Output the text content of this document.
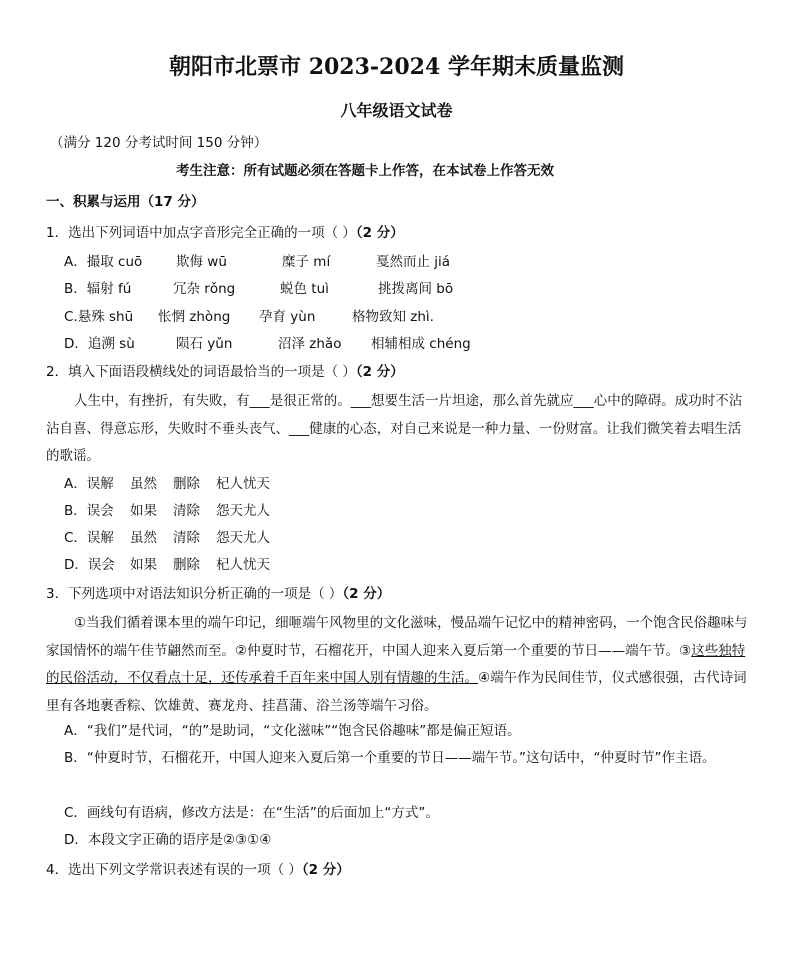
朝阳市北票市 2023-2024 学年期末质量监测
八年级语文试卷
（满分 120 分考试时间 150 分钟）
考生注意：所有试题必须在答题卡上作答，在本试卷上作答无效
一、积累与运用（17 分）
1．选出下列词语中加点字音形完全正确的一项（ ）（2 分）
A．撮取 cuō 欺侮 wū	糜子 mí	戛然而止 jiá
B．辐射 fú	冗杂 rǒng	蜕色 tuì	挑拨离间 bō
C.悬殊 shū 怅惘 zhòng 孕育 yùn	格物致知 zhì.
D．追溯 sù	陨石 yǔn	沼泽 zhǎo 相辅相成 chéng
2．填入下面语段横线处的词语最恰当的一项是（ ）（2 分）
人生中，有挫折，有失败，有___是很正常的。___想要生活一片坦途，那么首先就应___心中的障碍。成功时不沾沾自喜、得意忘形，失败时不垂头丧气、___健康的心态，对自己来说是一种力量、一份财富。让我们微笑着去唱生活的歌谣。
A．误解 虽然 删除 杞人忧天
B．误会 如果 清除 怨天尤人
C．误解 虽然 清除 怨天尤人
D．误会 如果 删除 杞人忧天
3．下列选项中对语法知识分析正确的一项是（ ）（2 分）
①当我们循着课本里的端午印记，细咂端午风物里的文化滋味，慢品端午记忆中的精神密码，一个饱含民俗趣味与家国情怀的端午佳节翩然而至。②仲夏时节，石榴花开，中国人迎来入夏后第一个重要的节日——端午节。③这些独特的民俗活动，不仅看点十足，还传承着千百年来中国人别有情趣的生活。④端午作为民间佳节，仪式感很强，古代诗词里有各地裹香粽、饮雄黄、赛龙舟、挂菖蒲、浴兰汤等端午习俗。
A．“我们”是代词，“的”是助词，“文化滋味”“饱含民俗趣味”都是偏正短语。
B．“仲夏时节，石榴花开，中国人迎来入夏后第一个重要的节日——端午节。”这句话中，“仲夏时节”作主语。
C．画线句有语病，修改方法是：在“生活”的后面加上“方式”。
D．本段文字正确的语序是②③①④
4．选出下列文学常识表述有误的一项（ ）（2 分）
